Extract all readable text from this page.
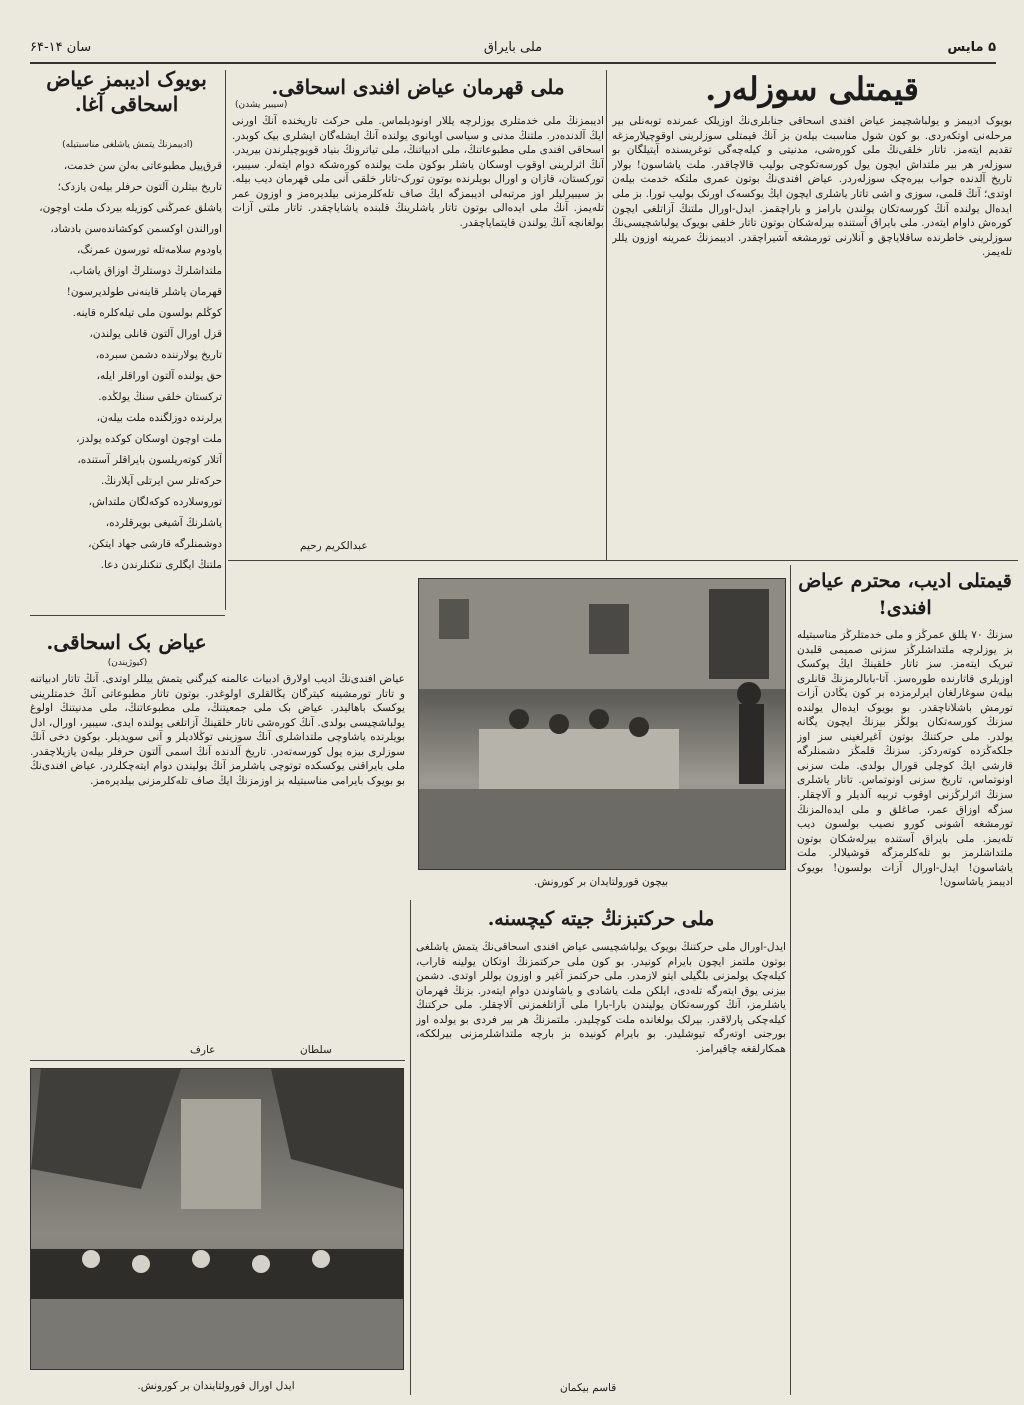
۵ مایس
ملی بایراق
سان ۱۴-۶۴
قیمتلی سوزلەر.
بویوک ادیبمز و یولباشچیمز عیاض افندی اسحاقی جنابلری‌نڭ اوزیلک عمرنده توبەنلی بیر مرحلەنی اوتکەردی. بو کون شول مناسبت بیلەن بز آنڭ قیمتلی سوزلرینی اوقوچیلارمزغە تقدیم ایتەمز. تاتار خلقی‌نڭ ملی کوره‌شی، مدنیتی و کیلەچەگی توغریسنده آیتیلگان بو سوزلەر هر بیر ملتداش ایچون یول کورسەتکوچی بولیب قالاچاقدر. ملت یاشاسون! بولار تاریخ آلدنده جواب بیرەچک سوزلەردر. عیاض افندی‌نڭ بوتون عمری ملتکە خدمت بیلەن اوتدی؛ آنڭ قلمی، سوزی و اشی تاتار یاشلری ایچون ایڭ یوکسەک اورنک بولیب تورا. بز ملی ایدەال یولنده آنڭ کورسەتکان یولندن بارامز و باراچقمز. ایدل‑اورال ملتنڭ آزاتلغی ایچون کوره‌ش داوام ایتەدر. ملی بایراق آستنده بیرلەشکان بوتون تاتار خلقی بویوک یولباشچیسی‌نڭ سوزلرینی خاطرنده ساقلایاچق و آنلارنی تورمشغه آشیراچقدر. ادیبمزنڭ عمرینه اوزون یللر تلەیمز.
ملی قهرمان عیاض افندی اسحاقی.
(سیبیر یشدن)
ادیبمزنڭ ملی خدمتلری یوزلرچە یللار اونودیلماس. ملی حرکت تاریخنده آنڭ اورنی ایڭ آلدندەدر. ملتنڭ مدنی و سیاسی اویانوی یولنده آنڭ ایشلەگان ایشلری بیک کوبدر. اسحاقی افندی ملی مطبوعاتنڭ، ملی ادبیاتنڭ، ملی تیاترونڭ بنیاد قویوچیلرندن بیریدر. آنڭ اثرلرینی اوقوب اوسکان یاشلر بوکون ملت یولنده کوره‌شکه دوام ایتەلر. سیبیر، تورکستان، قازان و اورال بویلرنده بوتون تورک‑تاتار خلقی آنی ملی قهرمان دیب بیلە. بز سیبیرلیلر اوز مرتبەلی ادیبمزگه ایڭ صاف تلەکلرمزنی بیلدیرەمز و اوزون عمر تلەیمز. آنڭ ملی ایدەالی بوتون تاتار یاشلرینڭ قلبنده یاشایاچقدر. تاتار ملتی آزات بولغانچە آنڭ یولندن قایتمایاچقدر.
عبدالکریم رحیم
بویوک ادیبمز عیاض اسحاقی آغا.
(ادیبمزنڭ یتمش یاشلغی مناسبتیله)
قرق‌ییل مطبوعاتی بەلن سن خدمت،
تاریخ بیتلرن آلتون حرفلر بیلەن یازدک؛
یاشلق عمرڭنی کوزیلە بیردک ملت اوچون،
اورالندن اوکسمن کوکشانده‌سن بادشاد،
یاودوم سلامەتله تورسون عمرنگ،
ملتداشلرڭ دوستلرڭ اوزاق یاشاب،
قهرمان یاشلر قاینه‌نی طولدیرسون!
کوڭلم بولسون ملی تیلەکلره قاینه.
قزل اورال آلتون قانلی یولندن،
تاریخ یولارننده دشمن سبرده،
حق یولنده آلتون اوراقلر ایله،
ترکستان خلقی سنڭ یولڭده.
یرلرنده دوزلگنده ملت بیلەن،
ملت اوچون اوسکان کوکده یولدز،
آتلار کوتەریلسون بایراقلر آستنده،
حرکەتلر سن ایرتلی آیلارنڭ.
توروسلارده کوکەلگان ملتداش،
یاشلرنڭ آشیغی بویرقلرده،
دوشمنلرگه قارشی جهاد ایتکن،
ملتنڭ ایگلری تنکنلرندن دعا.
عیاض بک اسحاقی.
(کیوژیندن)
عیاض افندی‌نڭ ادیب اولارق ادبیات عالمنه کیرگنی یتمش ییللر اوتدی. آنڭ تاتار ادبیاتنه و تاتار تورمشینه کیترگان یڭالقلری اولوغدر. بوتون تاتار مطبوعاتی آنڭ خدمتلرینی یوکسک باهالیدر. عیاض بک ملی جمعیتنڭ، ملی مطبوعاتنڭ، ملی مدنیتنڭ اولوغ یولباشچیسی بولدی. آنڭ کوره‌شی تاتار خلقینڭ آزاتلغی یولنده ایدی. سیبیر، اورال، ادل بویلرندە یاشاوچی ملتداشلری آنڭ سوزینی توڭلادیلر و آنی سویدیلر. بوکون دخی آنڭ سوزلری بیزه یول کورسەتەدر. تاریخ آلدنده آنڭ اسمی آلتون حرفلر بیلەن یازیلاچقدر. ملی بایراقنی یوکسکده توتوچی یاشلرمز آنڭ یولیندن دوام ایتەچکلردر. عیاض افندی‌نڭ بو بویوک بایرامی مناسبتیله بز اوزمزنڭ ایڭ صاف تلەکلرمزنی بیلدیرەمز.
سلطان
عارف
بیچون قورولتایدان بر کورونش.
قیمتلی ادیب، محترم عیاض افندی!
سزنڭ ۷۰ یللق عمرڭز و ملی خدمتلرڭز مناسبتیله بز یوزلرچه ملتداشلرڭز سزنی صمیمی قلبدن تبریک ایتەمز. سز تاتار خلقینڭ ایڭ یوکسک اوزیلری قاتارنده طورەسز. آتا‑بابالرمزنڭ قانلری بیلەن سوغارلغان ایرلرمزده بر کون یڭادن آزات تورمش باشلاناچقدر. بو بویوک ایدەال یولنده سزنڭ کورسەتکان یولڭز بیزنڭ ایچون یگانه یولدر. ملی حرکتنڭ بوتون آغیرلغینی سز اوز جلکەڭزده کوتەردکز. سزنڭ قلمڭز دشمنلرگه قارشی ایڭ کوچلی قورال بولدی. ملت سزنی اونوتماس، تاریخ سزنی اونوتماس. تاتار یاشلری سزنڭ اثرلرڭزنی اوقوب تربیه آلدیلر و آلاچقلر. سزگه اوزاق عمر، صاغلق و ملی ایدەالمزنڭ تورمشغه آشونی کورو نصیب بولسون دیب تلەیمز. ملی بایراق آستنده بیرلەشکان بوتون ملتداشلرمز بو تلەکلرمزگه قوشیلالر. ملت یاشاسون! ایدل‑اورال آزات بولسون! بویوک ادیبمز یاشاسون!
ملی حرکتبزنڭ جیته کیچسنە.
ایدل‑اورال ملی حرکتنڭ بویوک یولباشچیسی عیاض افندی اسحاقی‌نڭ یتمش یاشلغی بوتون ملتمز ایچون بایرام کونیدر. بو کون ملی حرکتمزنڭ اوتکان یولینه قاراب، کیلەچک یولمزنی بلگیلی ایتو لازمدر. ملی حرکتمز آغیر و اوزون یوللر اوتدی. دشمن بیزنی یوق ایتەرگه تلەدی، ایلکن ملت یاشادی و یاشاوندن دوام ایتەدر. بزنڭ قهرمان یاشلرمز، آنڭ کورسەتکان یولیندن بارا‑بارا ملی آزاتلغمزنی آلاچقلر. ملی حرکتنڭ کیلەچکی پارلاقدر. بیرلک بولغانده ملت کوچلیدر. ملتمزنڭ هر بیر فردی بو یولده اوز بورجنی اوتەرگه تیوشلیدر. بو بایرام کونیده بز بارچه ملتداشلرمزنی بیرلککه، همکارلقغه چاقیرامز.
قاسم بیکمان
ایدل اورال قورولتایندان بر کورونش.
